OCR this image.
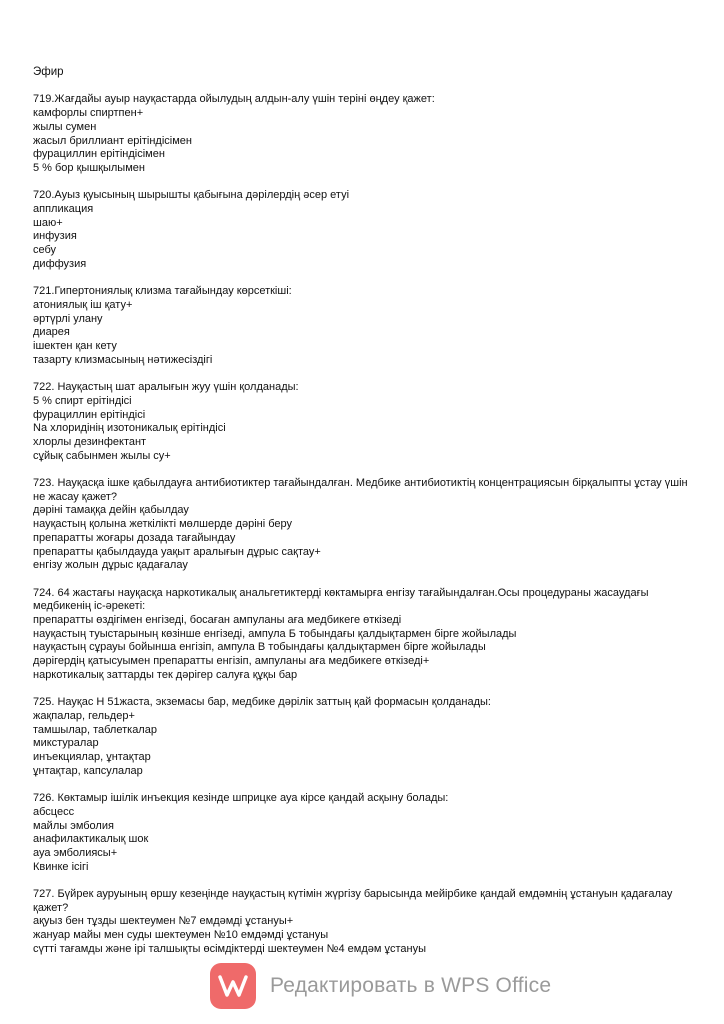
Эфир
719.Жағдайы ауыр науқастарда ойылудың алдын-алу үшін терiнi өңдеу қажет:
камфорлы спиртпен+
жылы сумен
жасыл бриллиант ерітіндісімен
фурациллин ерітіндісімен
5 % бор қышқылымен
720.Ауыз қуысының шырышты қабығына дәрілердің әсер етуі
аппликация
шаю+
инфузия
себу
диффузия
721.Гипертониялық клизма тағайындау көрсеткіші:
атониялық іш қату+
әртүрлі улану
диарея
ішектен қан кету
тазарту клизмасының нәтижесіздігі
722. Науқастың шат аралығын жуу үшін қолданады:
5 % спирт ерітіндісі
фурациллин ерітіндісі
Na хлоридінің изотоникалық ерітіндісі
хлорлы дезинфектант
сұйық сабынмен жылы су+
723. Науқасқа ішке қабылдауға антибиотиктер тағайындалған. Медбике антибиотиктің концентрациясын бірқалыпты ұстау үшін не жасау қажет?
дәріні тамаққа дейін қабылдау
науқастың қолына жеткілікті мөлшерде дәріні беру
препаратты жоғары дозада тағайындау
препаратты қабылдауда уақыт аралығын дұрыс сақтау+
енгізу жолын дұрыс қадағалау
724. 64 жастағы науқасқа наркотикалық анальгетиктерді көктамырға енгізу тағайындалған.Осы процедураны жасаудағы медбикенің іс-әрекеті:
препаратты өздігімен енгізеді, босаған ампуланы аға медбикеге өткізеді
науқастың туыстарының көзінше енгізеді, ампула Б тобындағы қалдықтармен бірге жойылады
науқастың сұрауы бойынша енгізіп, ампула В тобындағы қалдықтармен бірге жойылады
дәрігердің қатысуымен препаратты енгізіп, ампуланы аға медбикеге өткізеді+
наркотикалық заттарды тек дәрігер салуға құқы бар
725. Науқас Н 51жаста, экземасы бар, медбике дәрілік заттың қай формасын қолданады:
жақпалар, гельдер+
тамшылар, таблеткалар
микстуралар
инъекциялар, ұнтақтар
ұнтақтар, капсулалар
726. Көктамыр ішілік инъекция кезінде шприцке ауа кірсе қандай асқыну болады:
абсцесс
майлы эмболия
анафилактикалық шок
ауа эмболиясы+
Квинке ісігі
727. Бүйрек ауруының өршу кезеңінде науқастың күтімін жүргізу барысында мейірбике қандай емдәмнің ұстануын қадағалау қажет?
ақуыз бен тұзды шектеумен №7 емдәмді ұстануы+
жануар майы мен суды шектеумен №10 емдәмді ұстануы
сүтті тағамды және ірі талшықты өсімдіктерді шектеумен №4 емдәм ұстануы
Редактировать в WPS Office
